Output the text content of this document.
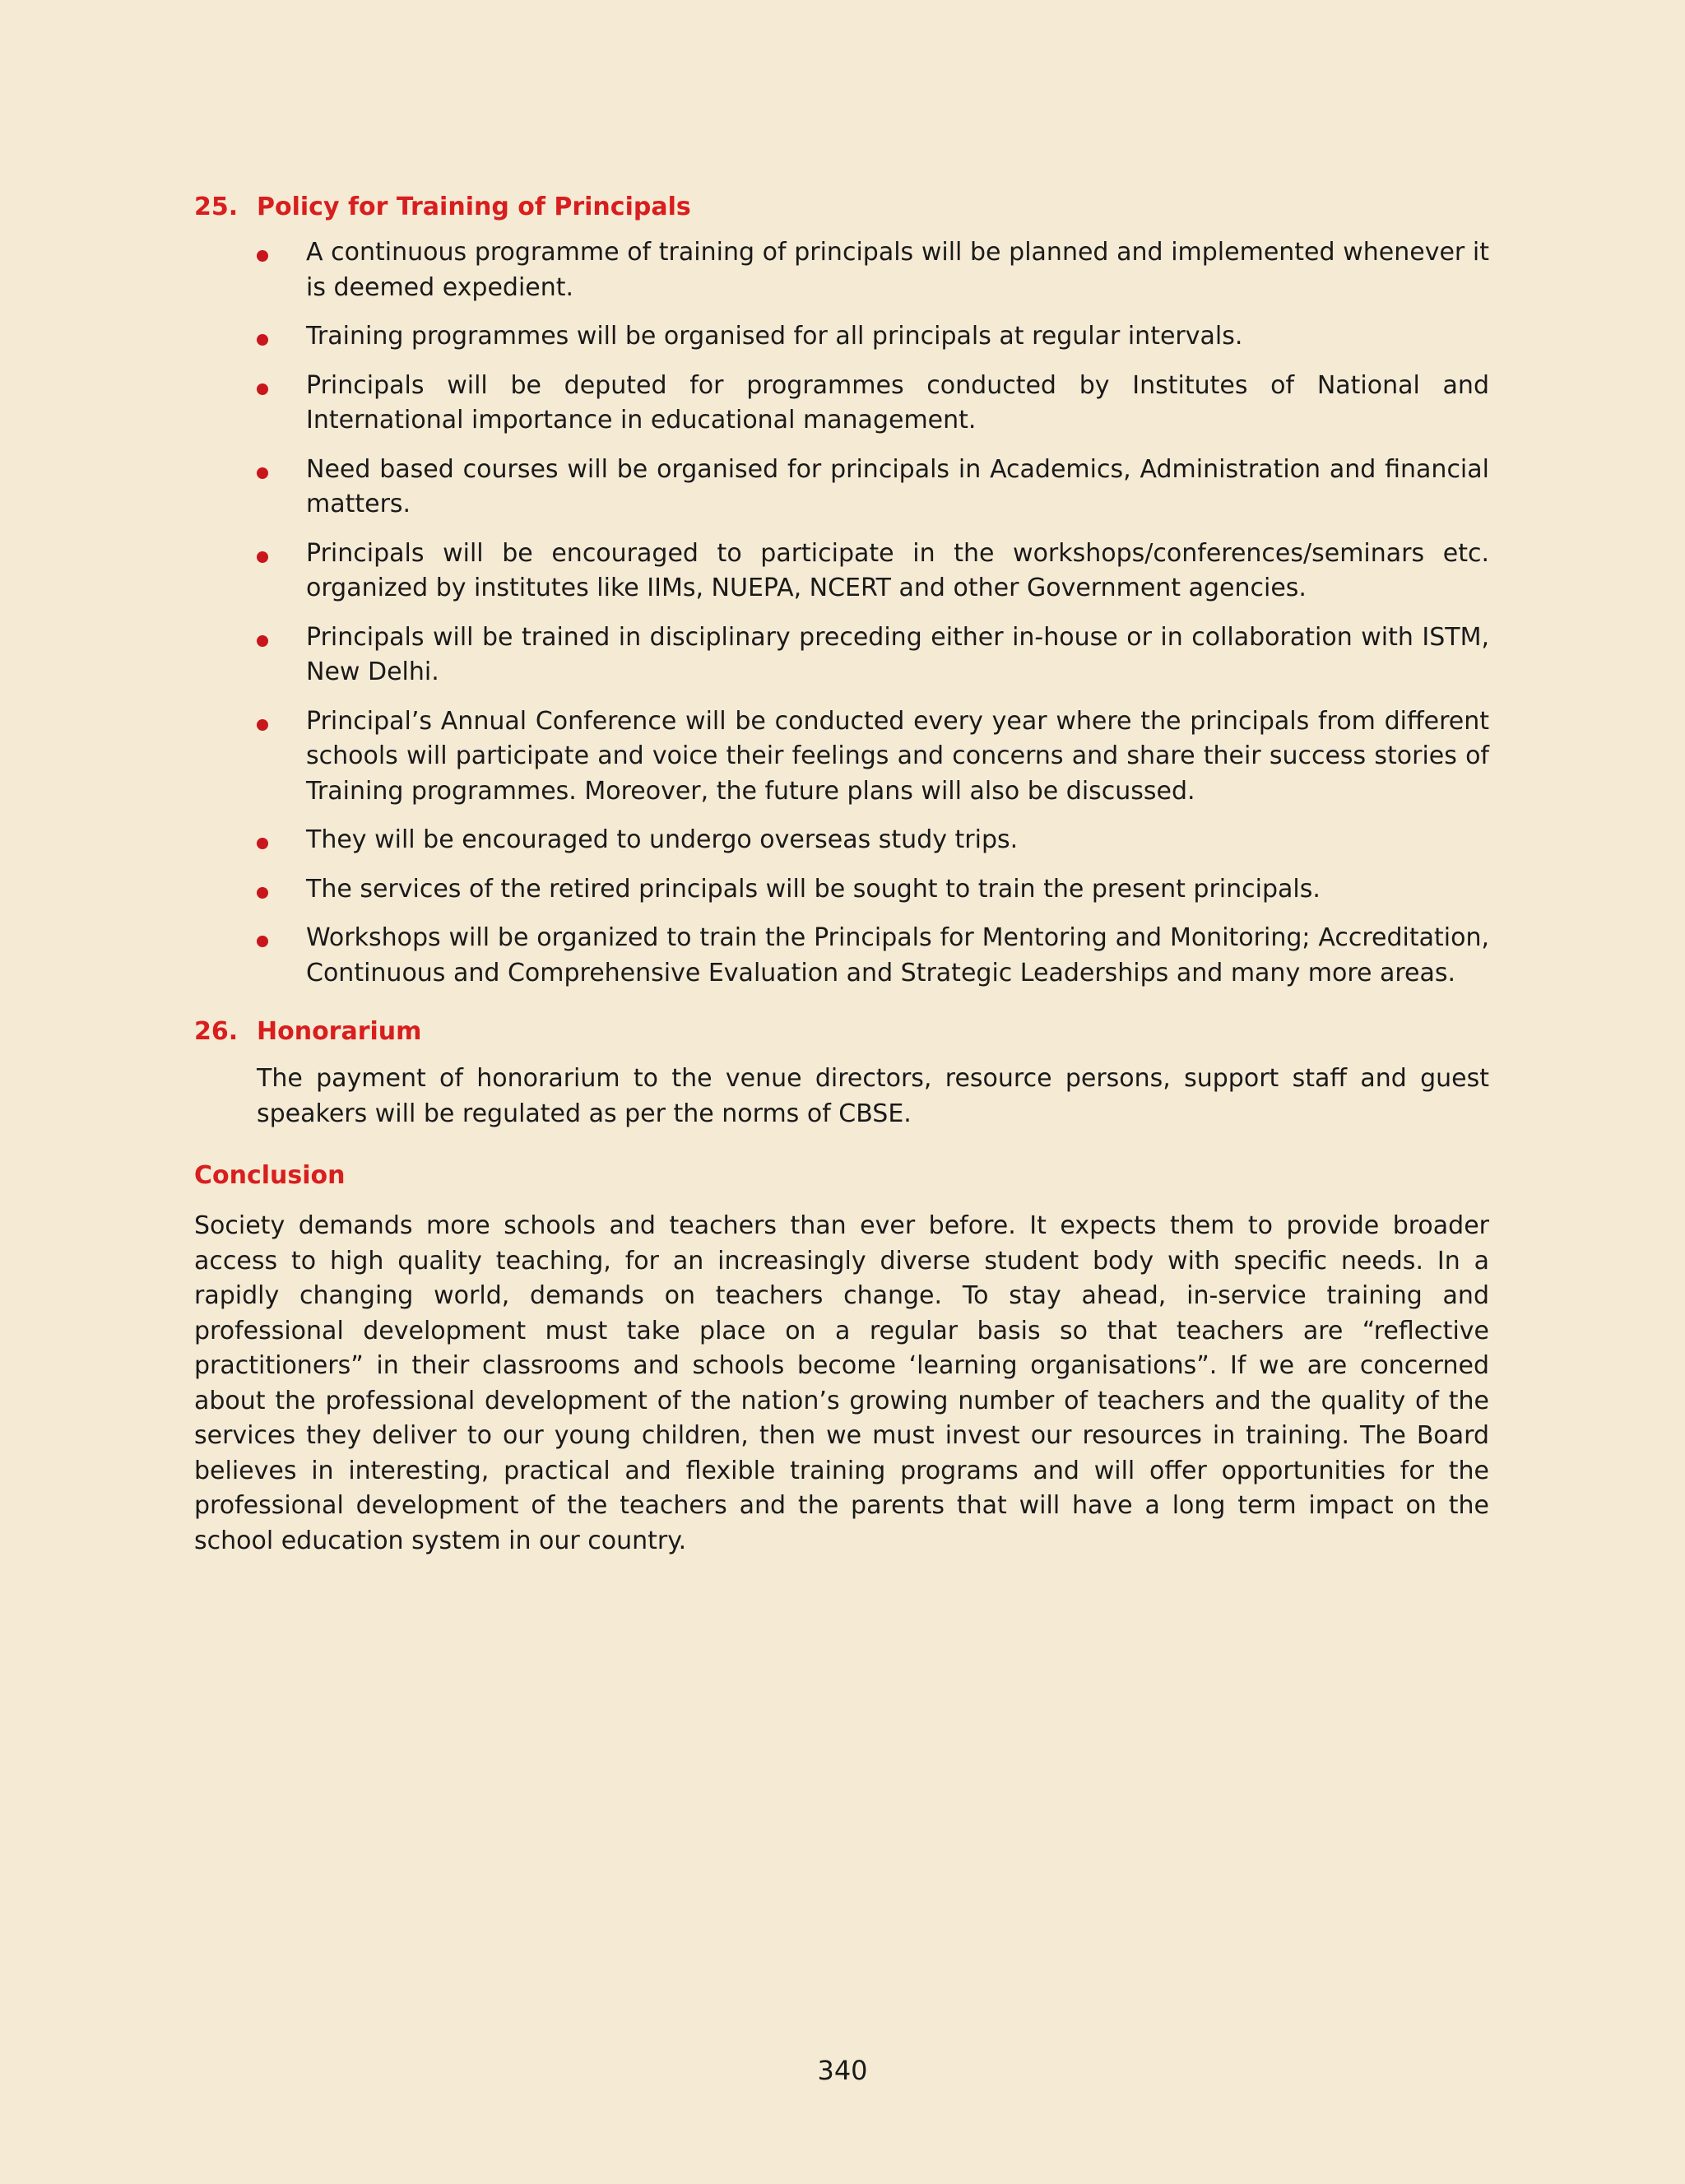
25. Policy for Training of Principals
A continuous programme of training of principals will be planned and implemented whenever it is deemed expedient.
Training programmes will be organised for all principals at regular intervals.
Principals will be deputed for programmes conducted by Institutes of National and International importance in educational management.
Need based courses will be organised for principals in Academics, Administration and financial matters.
Principals will be encouraged to participate in the workshops/conferences/seminars etc. organized by institutes like IIMs, NUEPA, NCERT and other Government agencies.
Principals will be trained in disciplinary preceding either in-house or in collaboration with ISTM, New Delhi.
Principal’s Annual Conference will be conducted every year where the principals from different schools will participate and voice their feelings and concerns and share their success stories of Training programmes. Moreover, the future plans will also be discussed.
They will be encouraged to undergo overseas study trips.
The services of the retired principals will be sought to train the present principals.
Workshops will be organized to train the Principals for Mentoring and Monitoring; Accreditation, Continuous and Comprehensive Evaluation and Strategic Leaderships and many more areas.
26. Honorarium

The payment of honorarium to the venue directors, resource persons, support staff and guest speakers will be regulated as per the norms of CBSE.

Conclusion

Society demands more schools and teachers than ever before. It expects them to provide broader access to high quality teaching, for an increasingly diverse student body with specific needs. In a rapidly changing world, demands on teachers change. To stay ahead, in-service training and professional development must take place on a regular basis so that teachers are “reflective practitioners” in their classrooms and schools become ‘learning organisations”. If we are concerned about the professional development of the nation’s growing number of teachers and the quality of the services they deliver to our young children, then we must invest our resources in training. The Board believes in interesting, practical and flexible training programs and will offer opportunities for the professional development of the teachers and the parents that will have a long term impact on the school education system in our country.

340
